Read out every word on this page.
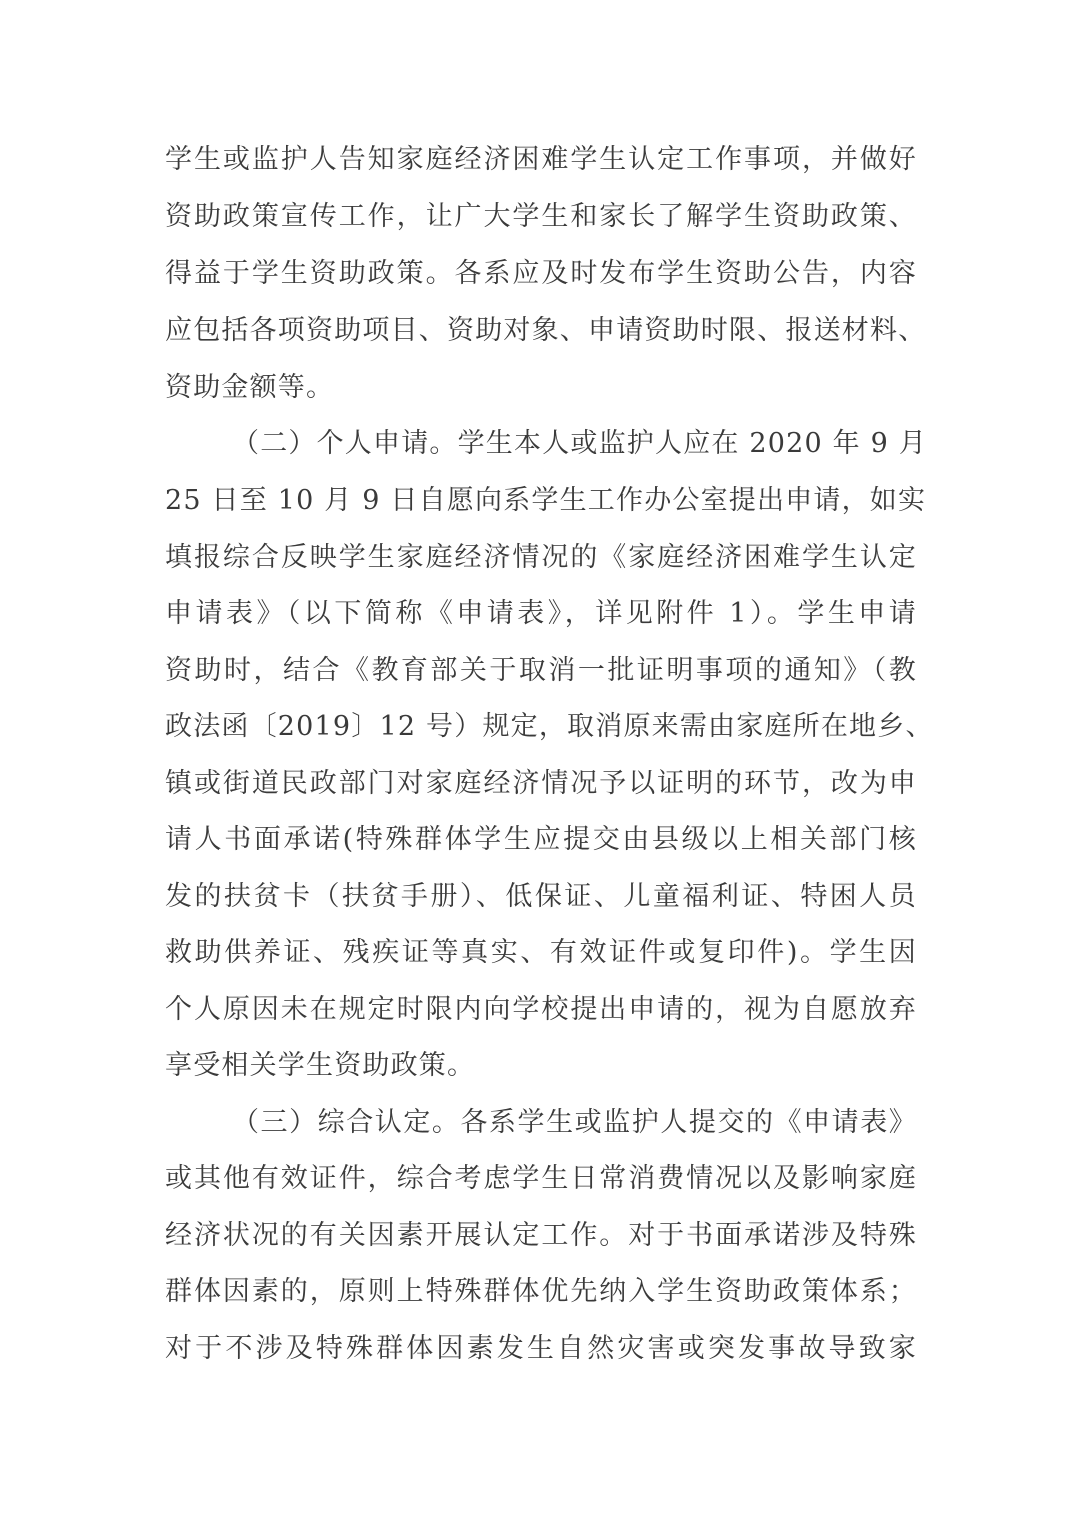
学生或监护人告知家庭经济困难学生认定工作事项，并做好
资助政策宣传工作，让广大学生和家长了解学生资助政策、
得益于学生资助政策。各系应及时发布学生资助公告，内容
应包括各项资助项目、资助对象、申请资助时限、报送材料、
资助金额等。
（二）个人申请。学生本人或监护人应在 2020 年 9 月
25 日至 10 月 9 日自愿向系学生工作办公室提出申请，如实
填报综合反映学生家庭经济情况的《家庭经济困难学生认定
申请表》（以下简称《申请表》，详见附件 1）。学生申请
资助时，结合《教育部关于取消一批证明事项的通知》（教
政法函〔2019〕12 号）规定，取消原来需由家庭所在地乡、
镇或街道民政部门对家庭经济情况予以证明的环节，改为申
请人书面承诺(特殊群体学生应提交由县级以上相关部门核
发的扶贫卡（扶贫手册）、低保证、儿童福利证、特困人员
救助供养证、残疾证等真实、有效证件或复印件)。学生因
个人原因未在规定时限内向学校提出申请的，视为自愿放弃
享受相关学生资助政策。
（三）综合认定。各系学生或监护人提交的《申请表》
或其他有效证件，综合考虑学生日常消费情况以及影响家庭
经济状况的有关因素开展认定工作。对于书面承诺涉及特殊
群体因素的，原则上特殊群体优先纳入学生资助政策体系；
对于不涉及特殊群体因素发生自然灾害或突发事故导致家
